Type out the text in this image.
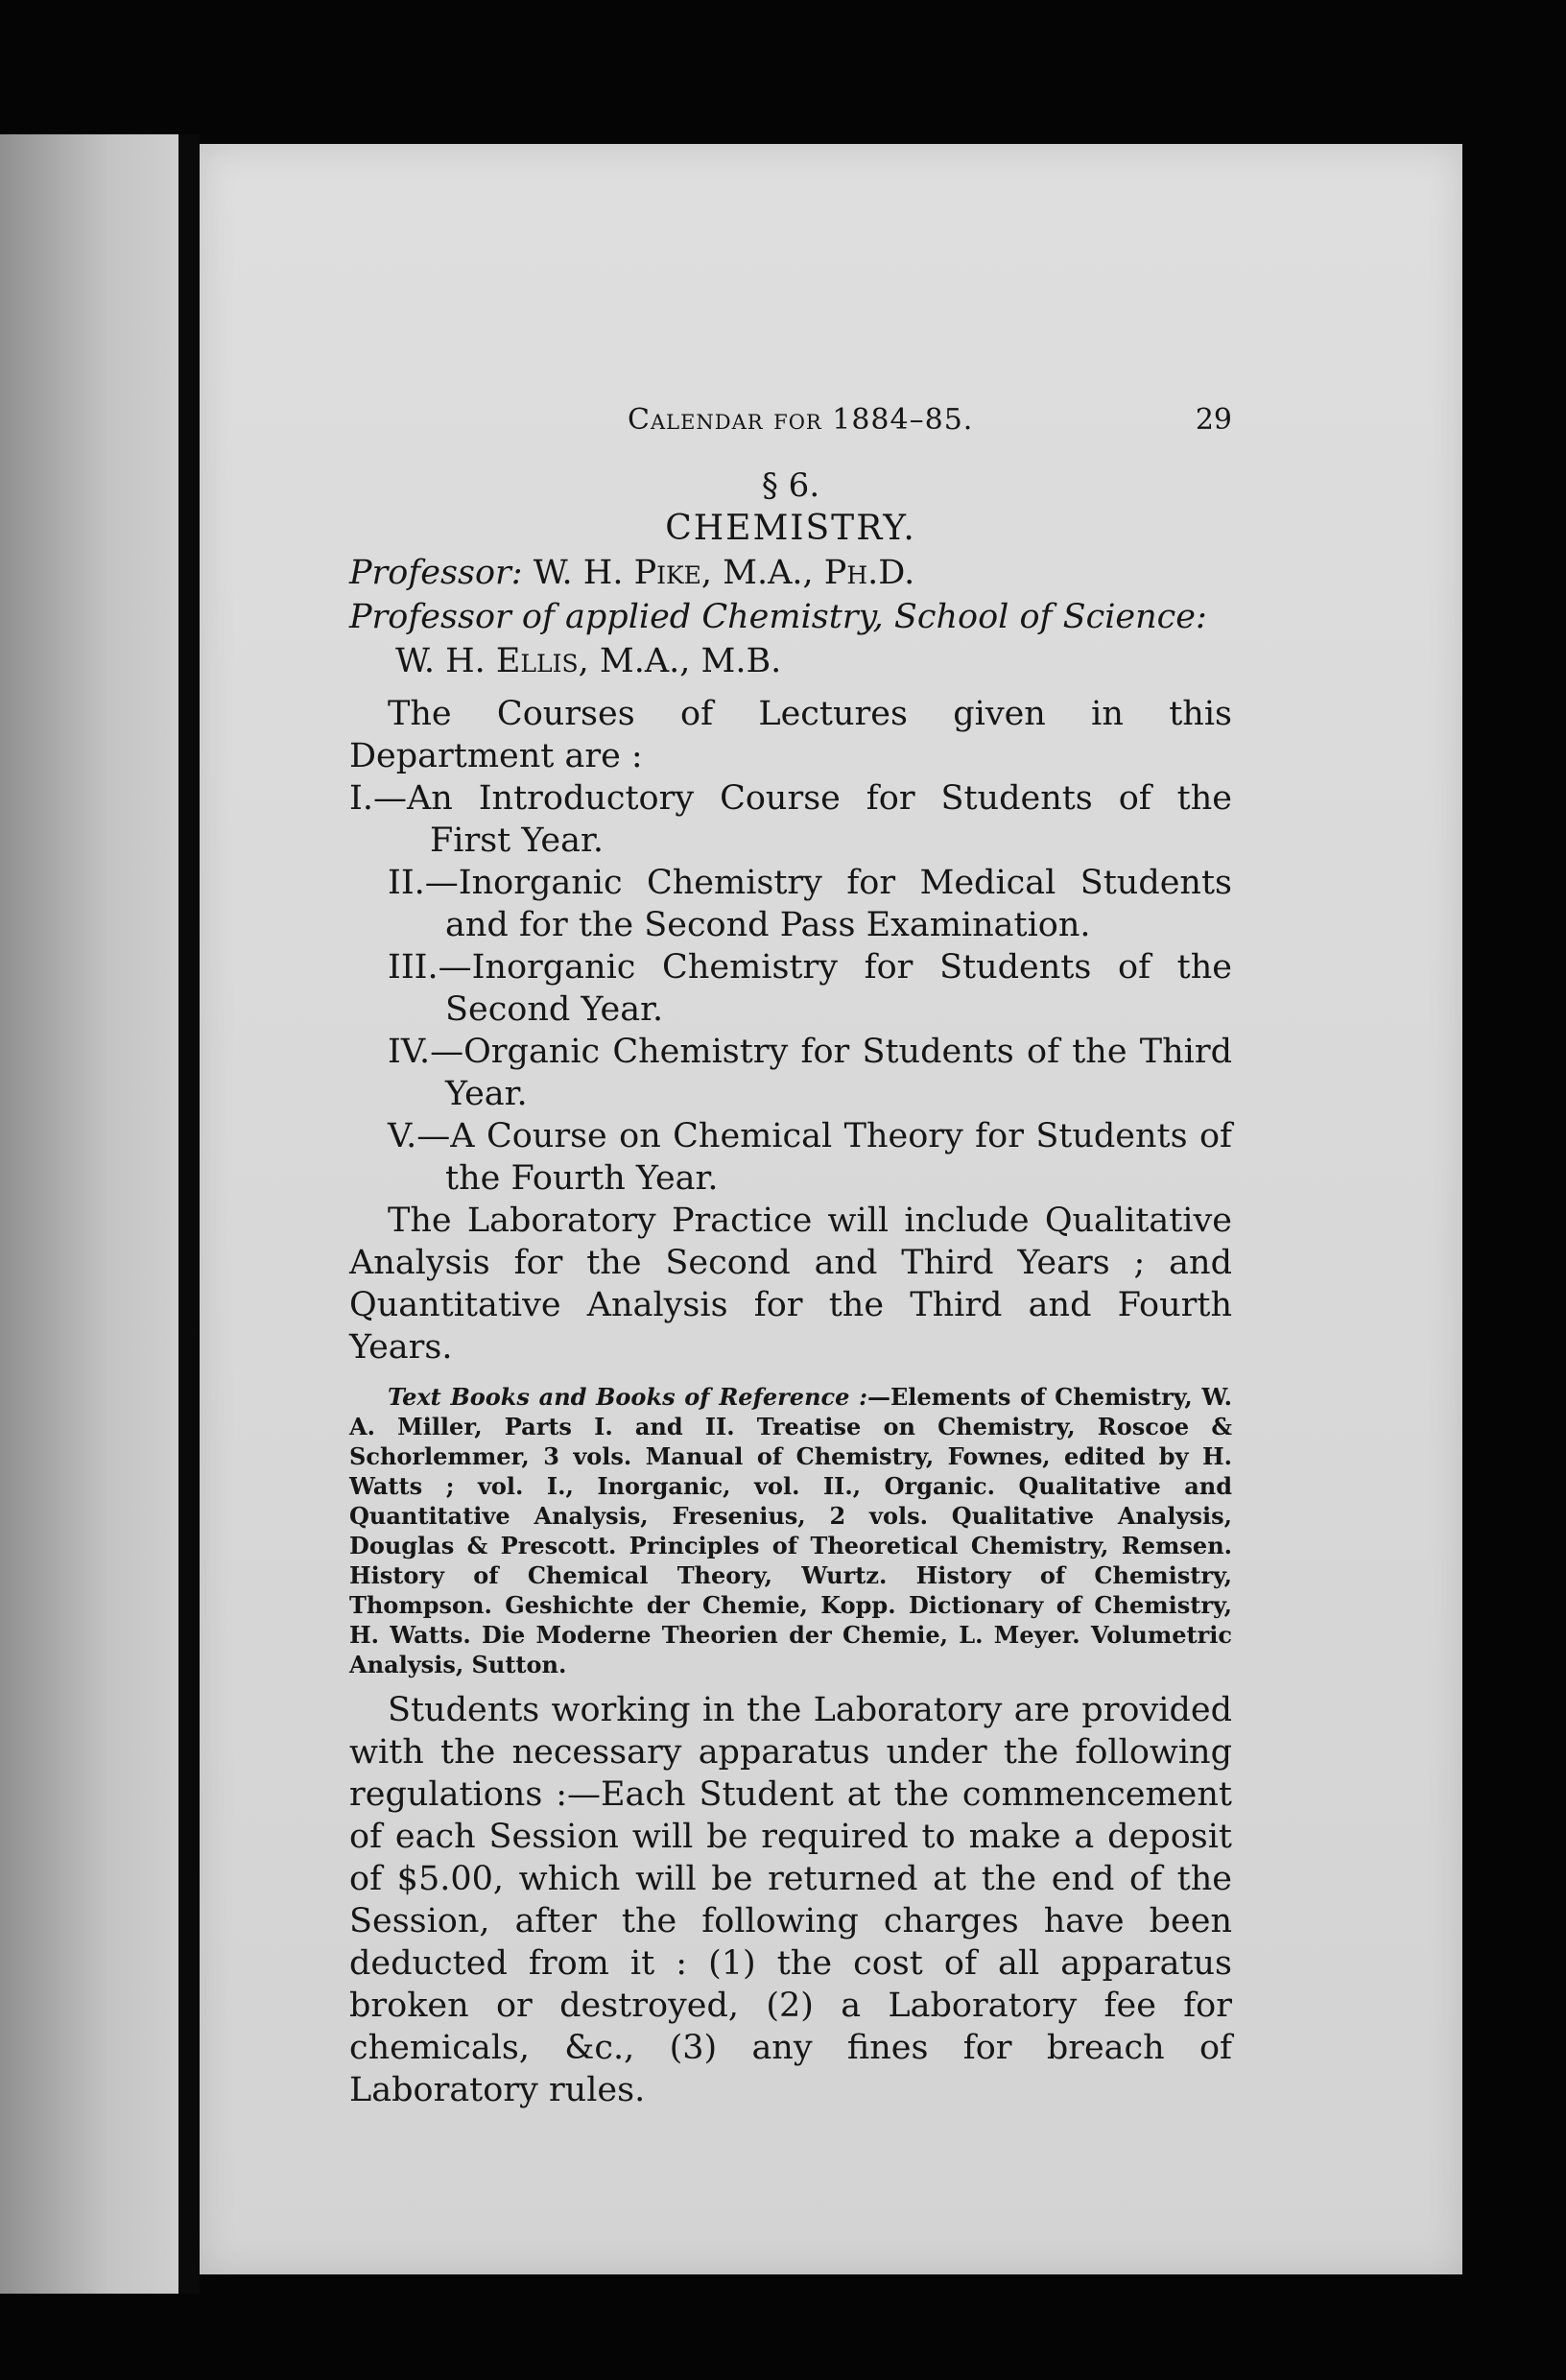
Calendar for 1884–85.	29
§ 6.
CHEMISTRY.

Professor: W. H. Pike, M.A., Ph.D.

Professor of applied Chemistry, School of Science: W. H. Ellis, M.A., M.B.

The Courses of Lectures given in this Department are :

I.—An Introductory Course for Students of the First Year.

II.—Inorganic Chemistry for Medical Students and for the Second Pass Examination.

III.—Inorganic Chemistry for Students of the Second Year.

IV.—Organic Chemistry for Students of the Third Year.

V.—A Course on Chemical Theory for Students of the Fourth Year.

The Laboratory Practice will include Qualitative Analysis for the Second and Third Years ; and Quantitative Analysis for the Third and Fourth Years.

Text Books and Books of Reference :—Elements of Chemistry, W. A. Miller, Parts I. and II. Treatise on Chemistry, Roscoe & Schorlemmer, 3 vols. Manual of Chemistry, Fownes, edited by H. Watts ; vol. I., Inorganic, vol. II., Organic. Qualitative and Quantitative Analysis, Fresenius, 2 vols. Qualitative Analysis, Douglas & Prescott. Principles of Theoretical Chemistry, Remsen. History of Chemical Theory, Wurtz. History of Chemistry, Thompson. Geshichte der Chemie, Kopp. Dictionary of Chemistry, H. Watts. Die Moderne Theorien der Chemie, L. Meyer. Volumetric Analysis, Sutton.

Students working in the Laboratory are provided with the necessary apparatus under the following regulations :—Each Student at the commencement of each Session will be required to make a deposit of $5.00, which will be returned at the end of the Session, after the following charges have been deducted from it : (1) the cost of all apparatus broken or destroyed, (2) a Laboratory fee for chemicals, &c., (3) any fines for breach of Laboratory rules.
